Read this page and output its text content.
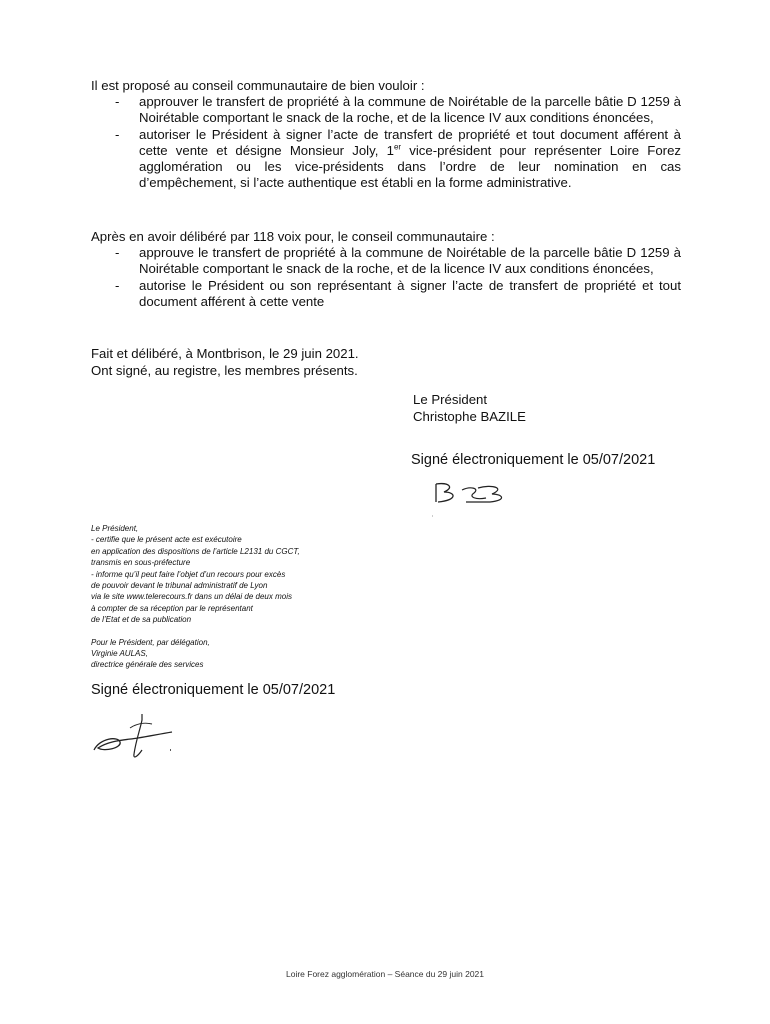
Il est proposé au conseil communautaire de bien vouloir :

- approuver le transfert de propriété à la commune de Noirétable de la parcelle bâtie D 1259 à Noirétable comportant le snack de la roche, et de la licence IV aux conditions énoncées,
- autoriser le Président à signer l’acte de transfert de propriété et tout document afférent à cette vente et désigne Monsieur Joly, 1er vice-président pour représenter Loire Forez agglomération ou les vice-présidents dans l’ordre de leur nomination en cas d’empêchement, si l’acte authentique est établi en la forme administrative.

Après en avoir délibéré par 118 voix pour, le conseil communautaire :

- approuve le transfert de propriété à la commune de Noirétable de la parcelle bâtie D 1259 à Noirétable comportant le snack de la roche, et de la licence IV aux conditions énoncées,
- autorise le Président ou son représentant à signer l’acte de transfert de propriété et tout document afférent à cette vente
Fait et délibéré, à Montbrison, le 29 juin 2021.
Ont signé, au registre, les membres présents.
Le Président
Christophe BAZILE
Signé électroniquement le 05/07/2021
Le Président,
- certifie que le présent acte est exécutoire
en application des dispositions de l’article L2131 du CGCT,
transmis en sous-préfecture
- informe qu’il peut faire l’objet d’un recours pour excès
de pouvoir devant le tribunal administratif de Lyon
via le site www.telerecours.fr dans un délai de deux mois
à compter de sa réception par le représentant
de l’Etat et de sa publication
Pour le Président, par délégation,
Virginie AULAS,
directrice générale des services
Signé électroniquement le 05/07/2021
Loire Forez agglomération – Séance du 29 juin 2021
